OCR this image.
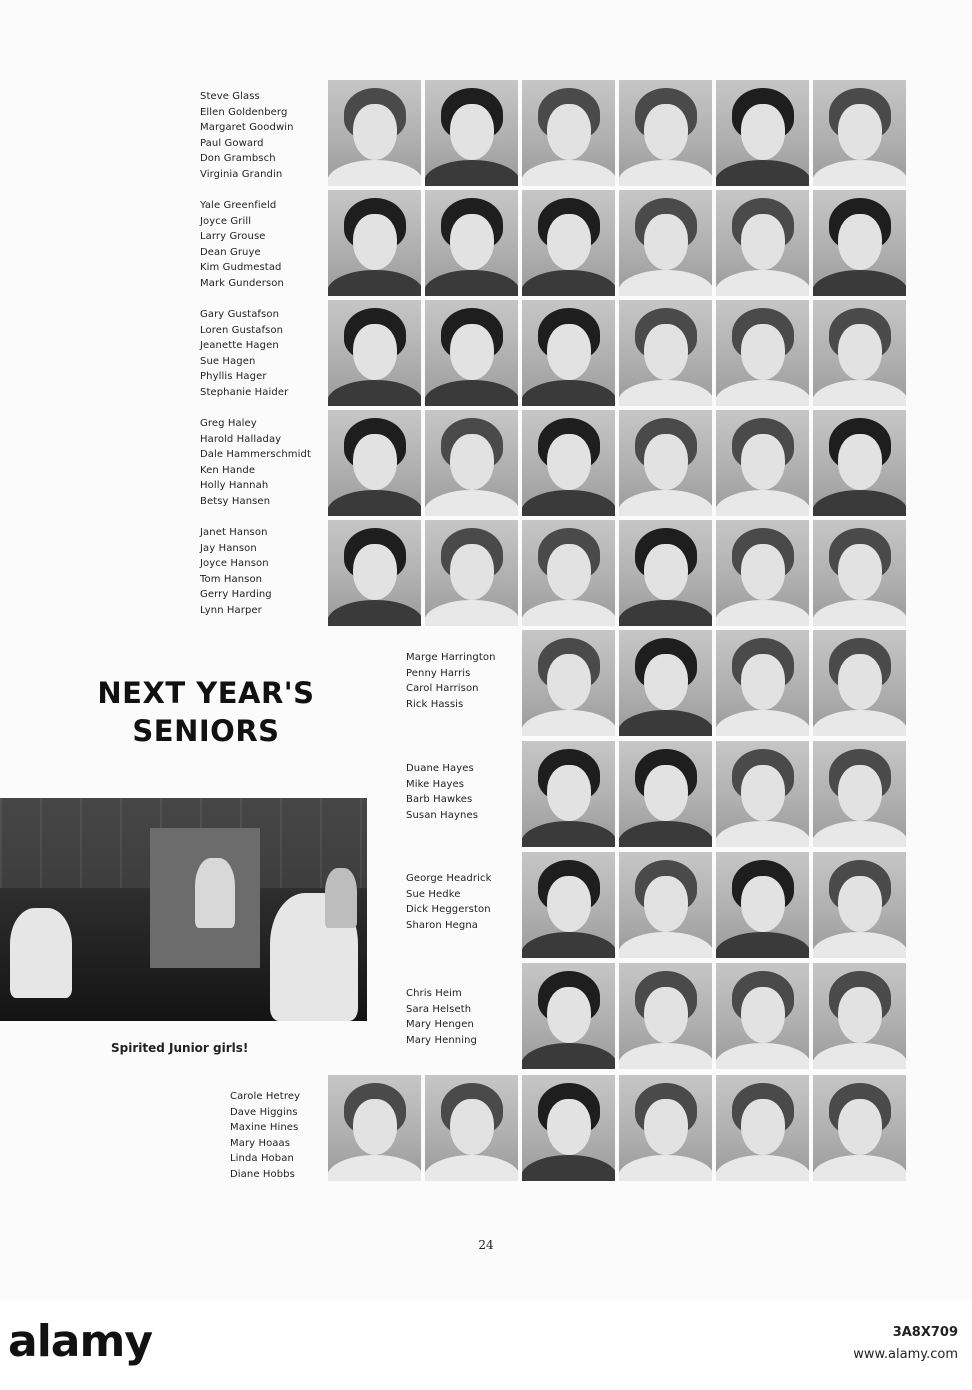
Steve Glass
Ellen Goldenberg
Margaret Goodwin
Paul Goward
Don Grambsch
Virginia Grandin
Yale Greenfield
Joyce Grill
Larry Grouse
Dean Gruye
Kim Gudmestad
Mark Gunderson
Gary Gustafson
Loren Gustafson
Jeanette Hagen
Sue Hagen
Phyllis Hager
Stephanie Haider
Greg Haley
Harold Halladay
Dale Hammerschmidt
Ken Hande
Holly Hannah
Betsy Hansen
Janet Hanson
Jay Hanson
Joyce Hanson
Tom Hanson
Gerry Harding
Lynn Harper
NEXT YEAR'S
SENIORS
Marge Harrington
Penny Harris
Carol Harrison
Rick Hassis
Spirited Junior girls!
Duane Hayes
Mike Hayes
Barb Hawkes
Susan Haynes
George Headrick
Sue Hedke
Dick Heggerston
Sharon Hegna
Chris Heim
Sara Helseth
Mary Hengen
Mary Henning
Carole Hetrey
Dave Higgins
Maxine Hines
Mary Hoaas
Linda Hoban
Diane Hobbs
24
alamy	3A8X709
www.alamy.com
